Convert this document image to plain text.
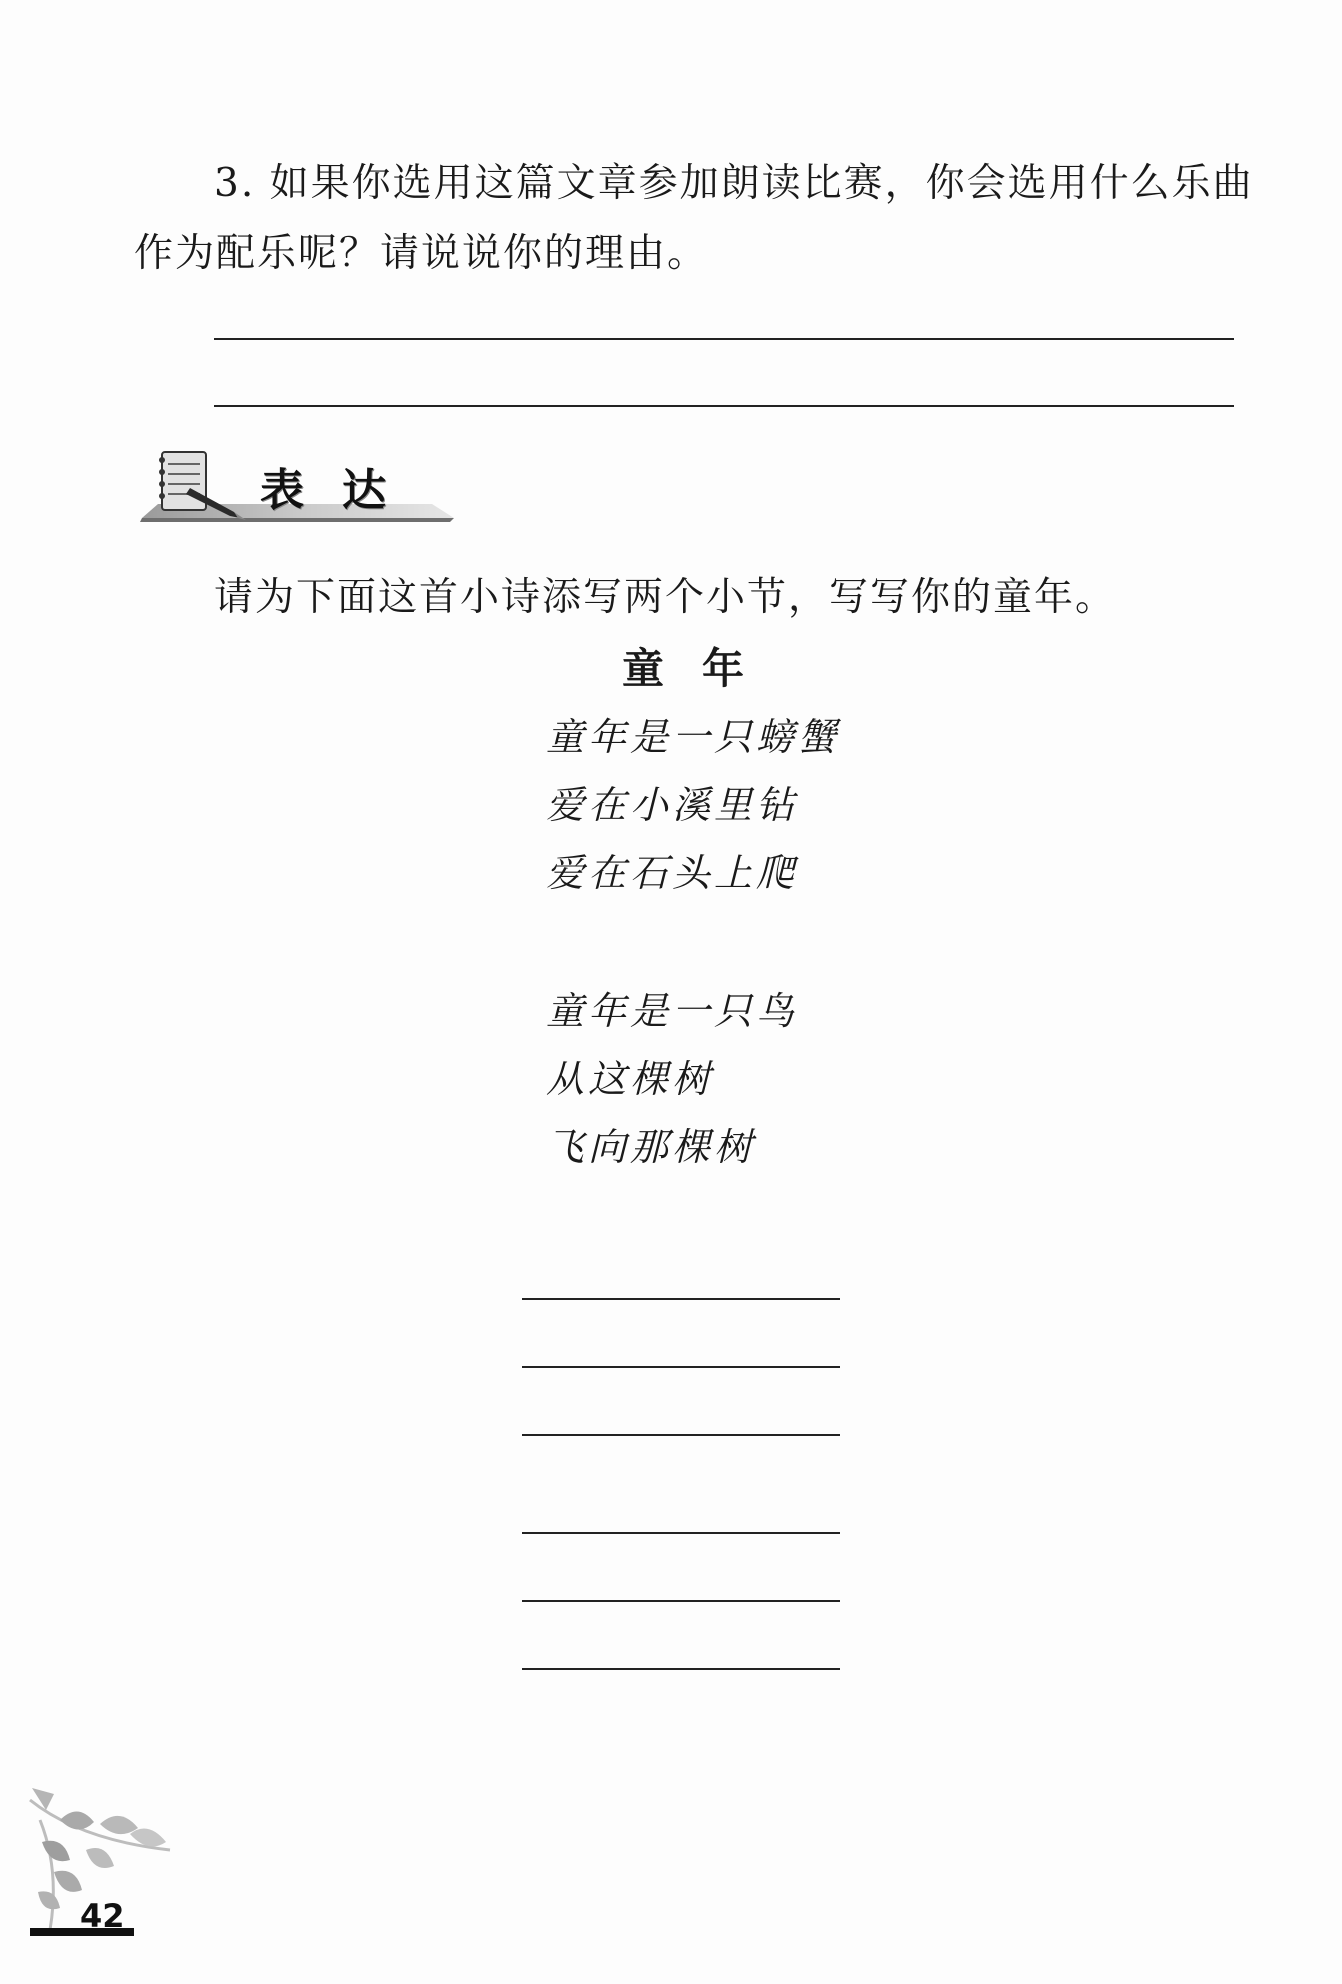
3. 如果你选用这篇文章参加朗读比赛，你会选用什么乐曲
作为配乐呢？请说说你的理由。
表达
请为下面这首小诗添写两个小节，写写你的童年。
童年
童年是一只螃蟹
爱在小溪里钻
爱在石头上爬
童年是一只鸟
从这棵树
飞向那棵树
42
